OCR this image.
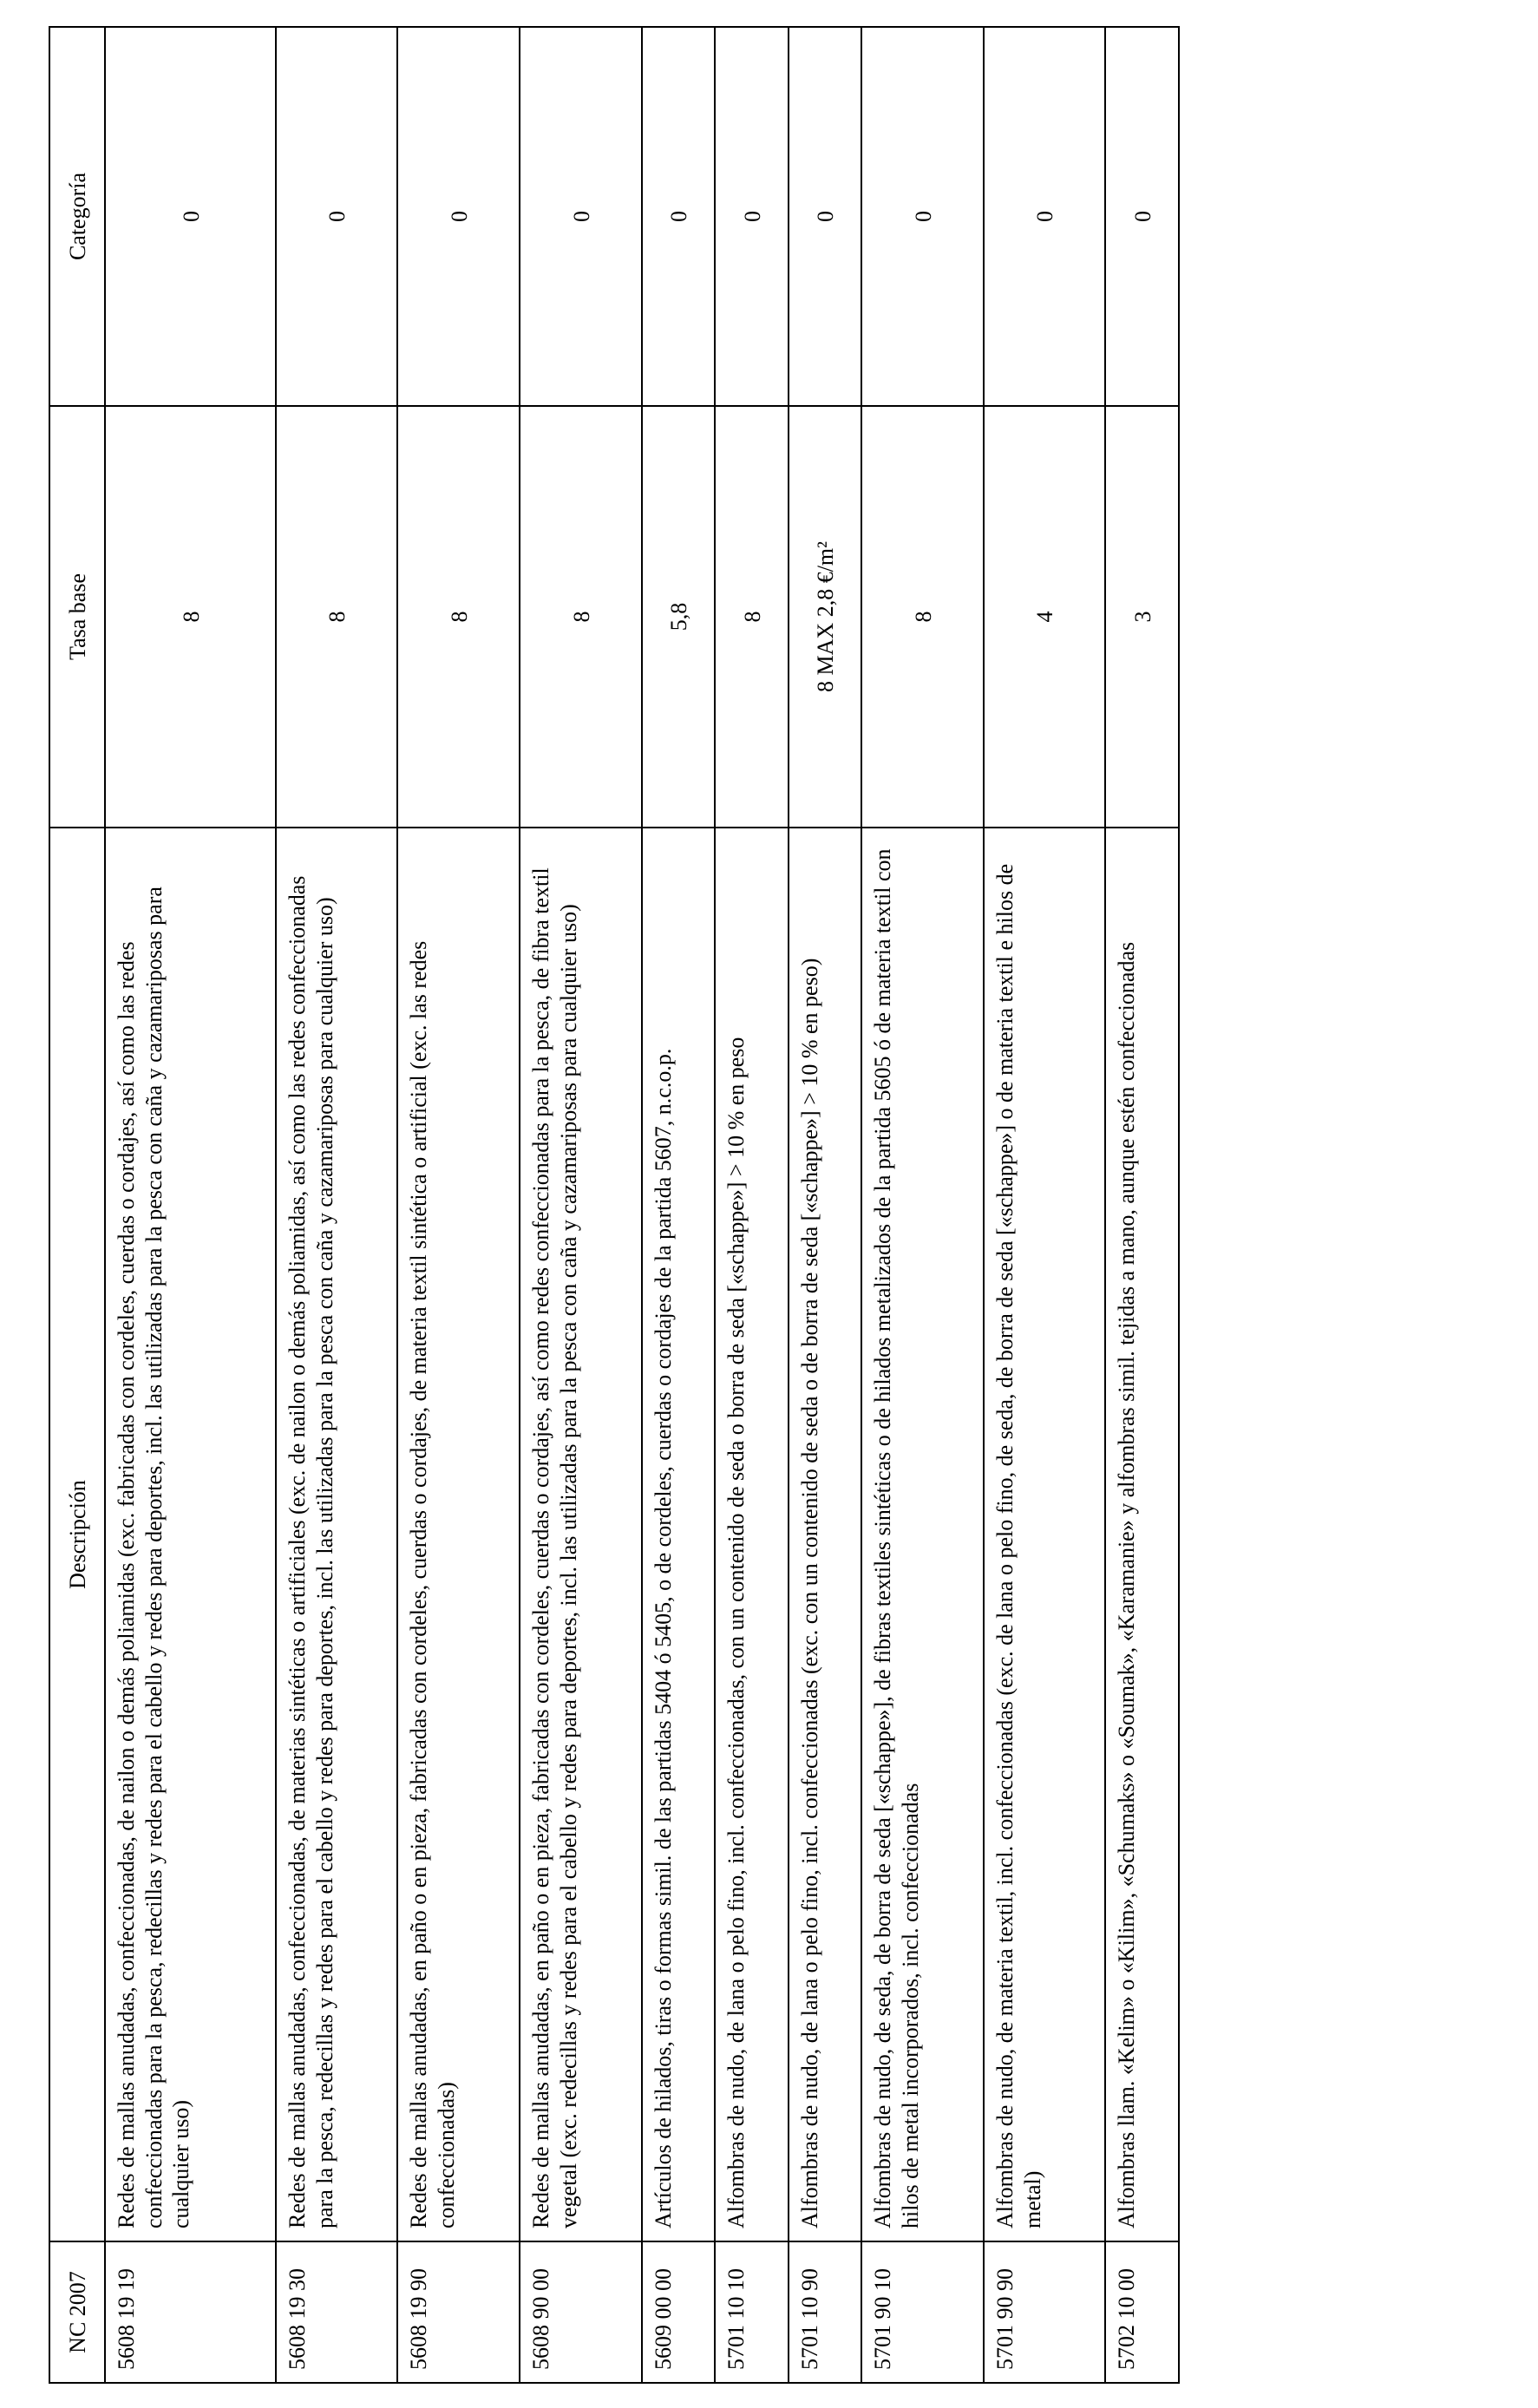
NC 2007	Descripción	Tasa base	Categoría
5608 19 19	Redes de mallas anudadas, confeccionadas, de nailon o demás poliamidas (exc. fabricadas con cordeles, cuerdas o cordajes, así como las redes confeccionadas para la pesca, redecillas y redes para el cabello y redes para deportes, incl. las utilizadas para la pesca con caña y cazamariposas para cualquier uso)	8	0
5608 19 30	Redes de mallas anudadas, confeccionadas, de materias sintéticas o artificiales (exc. de nailon o demás poliamidas, así como las redes confeccionadas para la pesca, redecillas y redes para el cabello y redes para deportes, incl. las utilizadas para la pesca con caña y cazamariposas para cualquier uso)	8	0
5608 19 90	Redes de mallas anudadas, en paño o en pieza, fabricadas con cordeles, cuerdas o cordajes, de materia textil sintética o artificial (exc. las redes confeccionadas)	8	0
5608 90 00	Redes de mallas anudadas, en paño o en pieza, fabricadas con cordeles, cuerdas o cordajes, así como redes confeccionadas para la pesca, de fibra textil vegetal (exc. redecillas y redes para el cabello y redes para deportes, incl. las utilizadas para la pesca con caña y cazamariposas para cualquier uso)	8	0
5609 00 00	Artículos de hilados, tiras o formas simil. de las partidas 5404 ó 5405, o de cordeles, cuerdas o cordajes de la partida 5607, n.c.o.p.	5,8	0
5701 10 10	Alfombras de nudo, de lana o pelo fino, incl. confeccionadas, con un contenido de seda o borra de seda [«schappe»] > 10 % en peso	8	0
5701 10 90	Alfombras de nudo, de lana o pelo fino, incl. confeccionadas (exc. con un contenido de seda o de borra de seda [«schappe»] > 10 % en peso)	8 MAX 2,8 €/m²	0
5701 90 10	Alfombras de nudo, de seda, de borra de seda [«schappe»], de fibras textiles sintéticas o de hilados metalizados de la partida 5605 ó de materia textil con hilos de metal incorporados, incl. confeccionadas	8	0
5701 90 90	Alfombras de nudo, de materia textil, incl. confeccionadas (exc. de lana o pelo fino, de seda, de borra de seda [«schappe»] o de materia textil e hilos de metal)	4	0
5702 10 00	Alfombras llam. «Kelim» o «Kilim», «Schumaks» o «Soumak», «Karamanie» y alfombras simil. tejidas a mano, aunque estén confeccionadas	3	0
